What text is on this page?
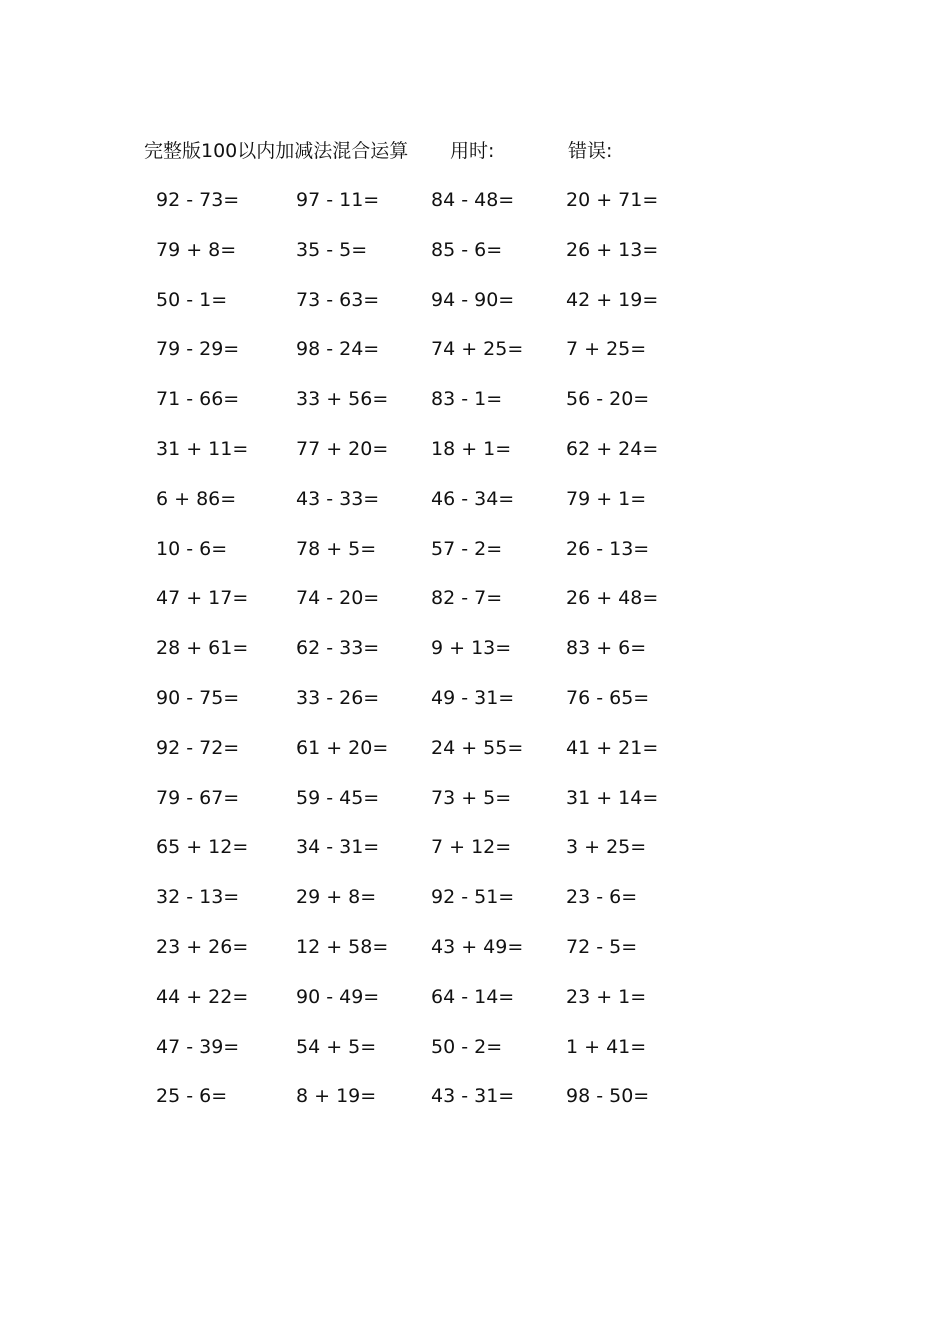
完整版100以内加减法混合运算 用时:	错误:
92 - 73=	97 - 11=	84 - 48=	20 + 71=
79 + 8=	35 - 5=	85 - 6=	26 + 13=
50 - 1=	73 - 63=	94 - 90=	42 + 19=
79 - 29=	98 - 24=	74 + 25=	7 + 25=
71 - 66=	33 + 56=	83 - 1=	56 - 20=
31 + 11=	77 + 20=	18 + 1=	62 + 24=
6 + 86=	43 - 33=	46 - 34=	79 + 1=
10 - 6=	78 + 5=	57 - 2=	26 - 13=
47 + 17=	74 - 20=	82 - 7=	26 + 48=
28 + 61=	62 - 33=	9 + 13=	83 + 6=
90 - 75=	33 - 26=	49 - 31=	76 - 65=
92 - 72=	61 + 20=	24 + 55=	41 + 21=
79 - 67=	59 - 45=	73 + 5=	31 + 14=
65 + 12=	34 - 31=	7 + 12=	3 + 25=
32 - 13=	29 + 8=	92 - 51=	23 - 6=
23 + 26=	12 + 58=	43 + 49=	72 - 5=
44 + 22=	90 - 49=	64 - 14=	23 + 1=
47 - 39=	54 + 5=	50 - 2=	1 + 41=
25 - 6=	8 + 19=	43 - 31=	98 - 50=
